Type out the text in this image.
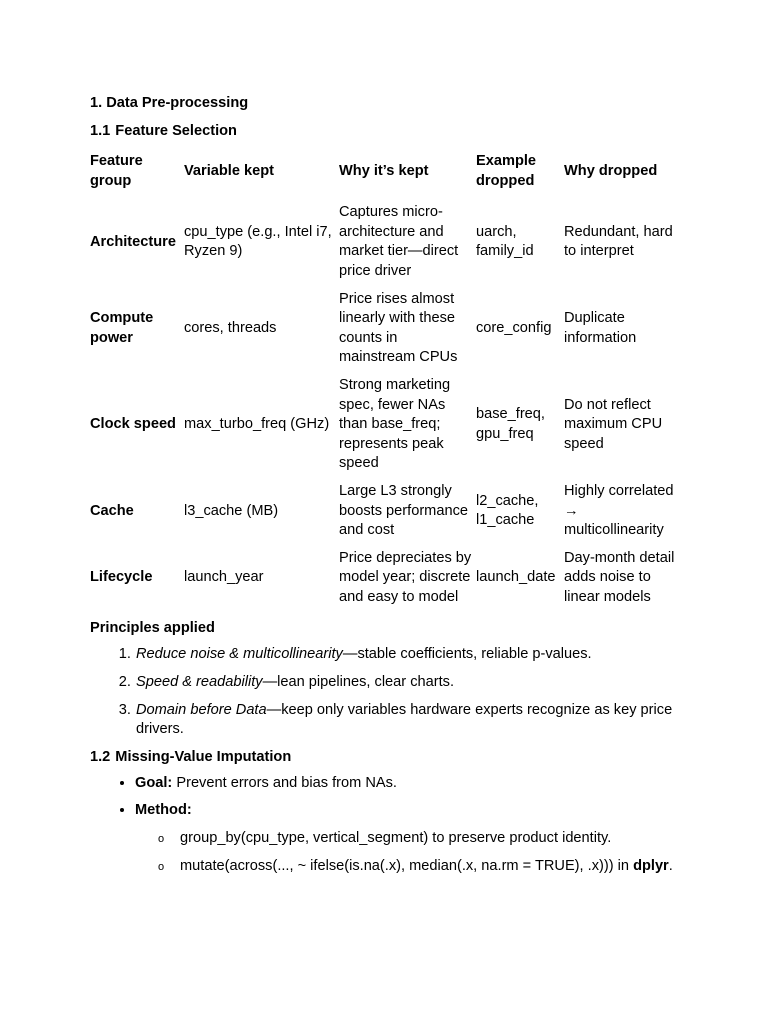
1. Data Pre-processing
1.1 Feature Selection
Feature group	Variable kept	Why it’s kept	Example dropped	Why dropped
Architecture	cpu_type (e.g., Intel i7, Ryzen 9)	Captures micro-architecture and market tier—direct price driver	uarch, family_id	Redundant, hard to interpret
Compute power	cores, threads	Price rises almost linearly with these counts in mainstream CPUs	core_config	Duplicate information
Clock speed	max_turbo_freq (GHz)	Strong marketing spec, fewer NAs than base_freq; represents peak speed	base_freq, gpu_freq	Do not reflect maximum CPU speed
Cache	l3_cache (MB)	Large L3 strongly boosts performance and cost	l2_cache, l1_cache	Highly correlated → multicollinearity
Lifecycle	launch_year	Price depreciates by model year; discrete and easy to model	launch_date	Day-month detail adds noise to linear models
Principles applied
1. Reduce noise & multicollinearity—stable coefficients, reliable p-values.
2. Speed & readability—lean pipelines, clear charts.
3. Domain before Data—keep only variables hardware experts recognize as key price drivers.
1.2 Missing-Value Imputation
• Goal: Prevent errors and bias from NAs.
• Method:
o group_by(cpu_type, vertical_segment) to preserve product identity.
o mutate(across(..., ~ ifelse(is.na(.x), median(.x, na.rm = TRUE), .x))) in dplyr.
